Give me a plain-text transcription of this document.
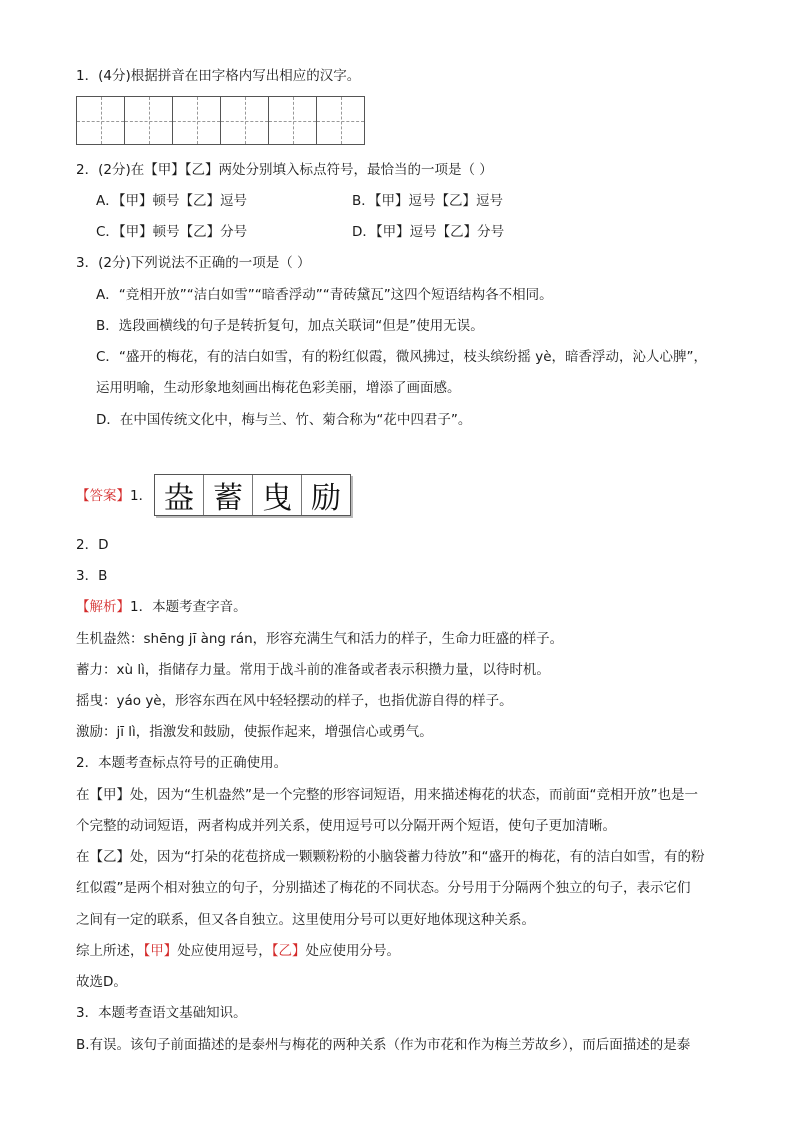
1．(4分)根据拼音在田字格内写出相应的汉字。
2．(2分)在【甲】【乙】两处分别填入标点符号，最恰当的一项是（ ）
A．【甲】顿号【乙】逗号	B．【甲】逗号【乙】逗号
C．【甲】顿号【乙】分号	D．【甲】逗号【乙】分号
3．(2分)下列说法不正确的一项是（ ）
A．“竞相开放”“洁白如雪”“暗香浮动”“青砖黛瓦”这四个短语结构各不相同。
B．选段画横线的句子是转折复句，加点关联词“但是”使用无误。
C．“盛开的梅花，有的洁白如雪，有的粉红似霞，微风拂过，枝头缤纷摇 yè，暗香浮动，沁人心脾”，
运用明喻，生动形象地刻画出梅花色彩美丽，增添了画面感。
D．在中国传统文化中，梅与兰、竹、菊合称为“花中四君子”。
【答案】1． 盎 蓄 曳 励
2．D
3．B
【解析】1．本题考查字音。
生机盎然：shēng jī àng rán，形容充满生气和活力的样子，生命力旺盛的样子。
蓄力：xù lì，指储存力量。常用于战斗前的准备或者表示积攒力量，以待时机。
摇曳：yáo yè，形容东西在风中轻轻摆动的样子，也指优游自得的样子。
激励：jī lì，指激发和鼓励，使振作起来，增强信心或勇气。
2．本题考查标点符号的正确使用。
在【甲】处，因为“生机盎然”是一个完整的形容词短语，用来描述梅花的状态，而前面“竞相开放”也是一
个完整的动词短语，两者构成并列关系，使用逗号可以分隔开两个短语，使句子更加清晰。
在【乙】处，因为“打朵的花苞挤成一颗颗粉粉的小脑袋蓄力待放”和“盛开的梅花，有的洁白如雪，有的粉
红似霞”是两个相对独立的句子，分别描述了梅花的不同状态。分号用于分隔两个独立的句子，表示它们
之间有一定的联系，但又各自独立。这里使用分号可以更好地体现这种关系。
综上所述，【甲】处应使用逗号，【乙】处应使用分号。
故选D。
3．本题考查语文基础知识。
B.有误。该句子前面描述的是泰州与梅花的两种关系（作为市花和作为梅兰芳故乡），而后面描述的是泰
